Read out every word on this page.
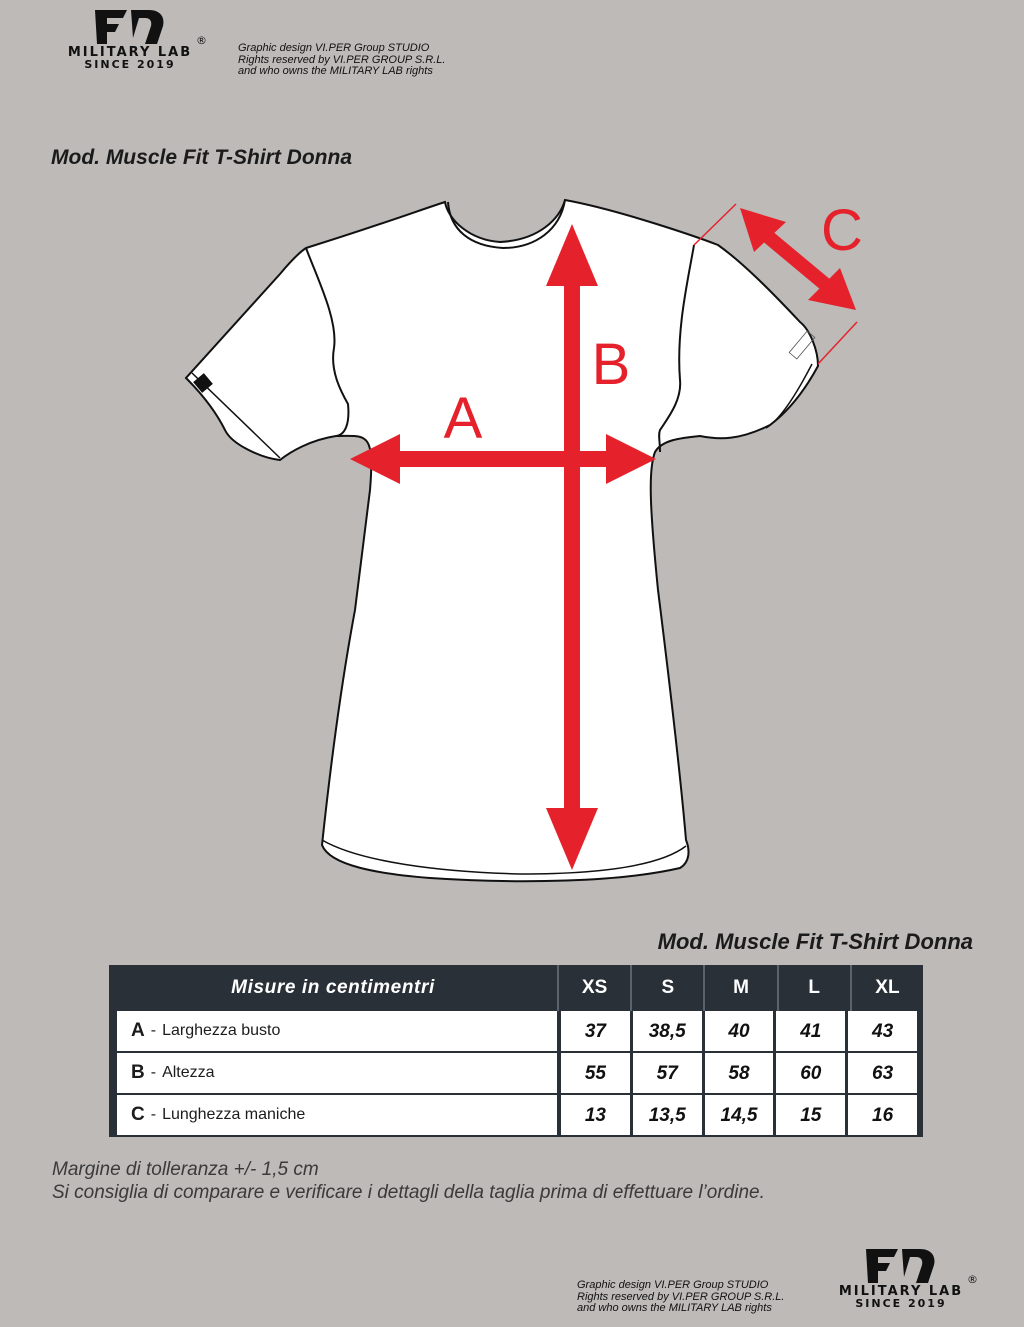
MILITARY LAB
®
SINCE 2019
Graphic design VI.PER Group STUDIO
Rights reserved by VI.PER GROUP S.R.L.
and who owns the MILITARY LAB rights
Mod. Muscle Fit T-Shirt Donna
A
B
C
Mod. Muscle Fit T-Shirt Donna
Misure in centimentri	XS	S	M	L	XL
A - Larghezza busto	37	38,5	40	41	43
B - Altezza	55	57	58	60	63
C - Lunghezza maniche	13	13,5	14,5	15	16
Margine di tolleranza +/- 1,5 cm
Si consiglia di comparare e verificare i dettagli della taglia prima di effettuare l’ordine.
Graphic design VI.PER Group STUDIO
Rights reserved by VI.PER GROUP S.R.L.
and who owns the MILITARY LAB rights
MILITARY LAB
®
SINCE 2019
